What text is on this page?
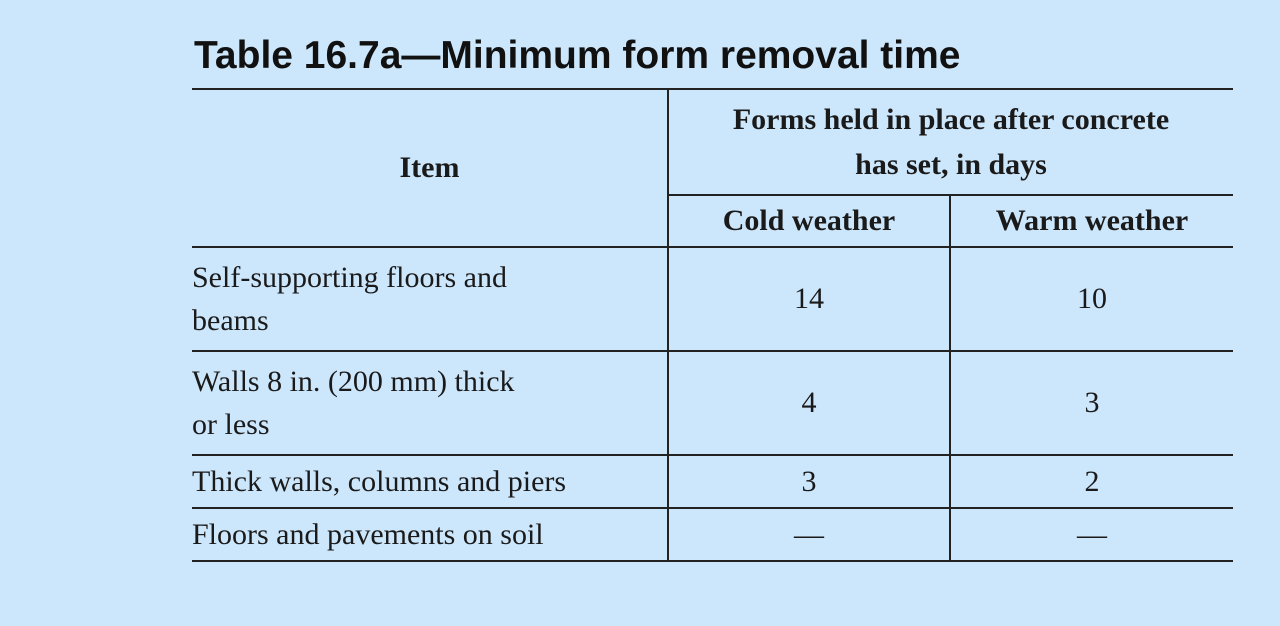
Table 16.7a—Minimum form removal time
Item	Forms held in place after concrete
has set, in days	
	Cold weather	Warm weather
Self-supporting floors and
beams	14	10
Walls 8 in. (200 mm) thick
or less	4	3
Thick walls, columns and piers	3	2
Floors and pavements on soil	—	—
